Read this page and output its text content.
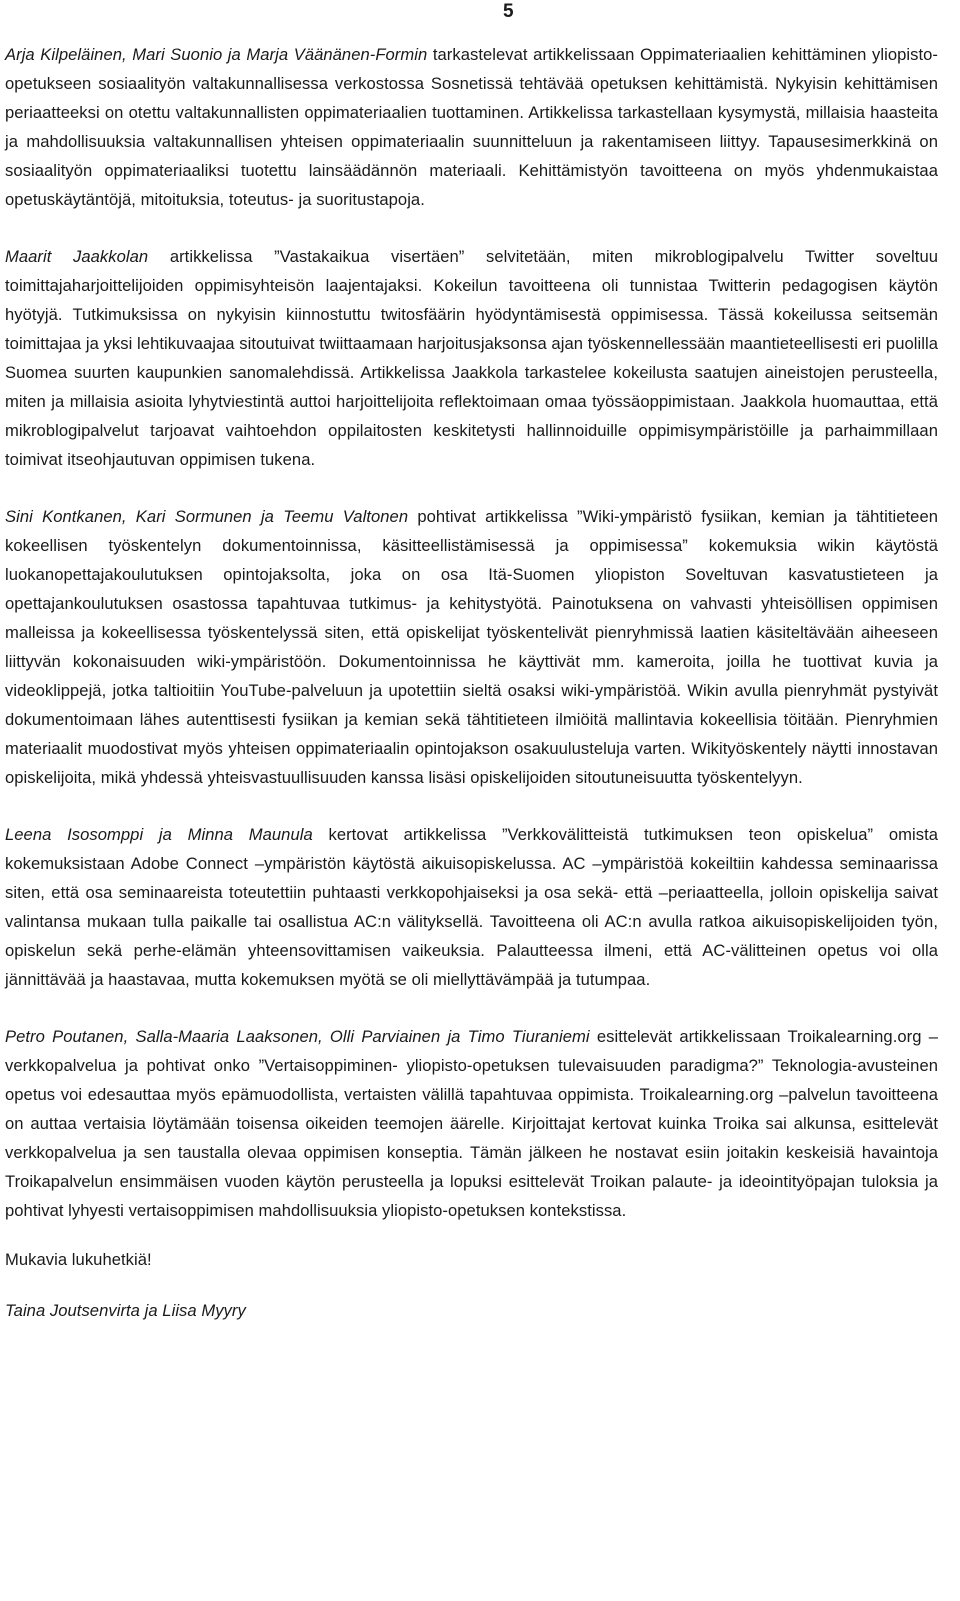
5

Arja Kilpeläinen, Mari Suonio ja Marja Väänänen-Formin tarkastelevat artikkelissaan Oppimateriaalien kehittäminen yliopisto-opetukseen sosiaalityön valtakunnallisessa verkostossa Sosnetissä tehtävää opetuksen kehittämistä. Nykyisin kehittämisen periaatteeksi on otettu valtakunnallisten oppimateriaalien tuottaminen. Artikkelissa tarkastellaan kysymystä, millaisia haasteita ja mahdollisuuksia valtakunnallisen yhteisen oppimateriaalin suunnitteluun ja rakentamiseen liittyy. Tapausesimerkkinä on sosiaalityön oppimateriaaliksi tuotettu lainsäädännön materiaali. Kehittämistyön tavoitteena on myös yhdenmukaistaa opetuskäytäntöjä, mitoituksia, toteutus- ja suoritustapoja.

Maarit Jaakkolan artikkelissa ”Vastakaikua visertäen” selvitetään, miten mikroblogipalvelu Twitter soveltuu toimittajaharjoittelijoiden oppimisyhteisön laajentajaksi. Kokeilun tavoitteena oli tunnistaa Twitterin pedagogisen käytön hyötyjä. Tutkimuksissa on nykyisin kiinnostuttu twitosfäärin hyödyntämisestä oppimisessa. Tässä kokeilussa seitsemän toimittajaa ja yksi lehtikuvaajaa sitoutuivat twiittaamaan harjoitusjaksonsa ajan työskennellessään maantieteellisesti eri puolilla Suomea suurten kaupunkien sanomalehdissä. Artikkelissa Jaakkola tarkastelee kokeilusta saatujen aineistojen perusteella, miten ja millaisia asioita lyhytviestintä auttoi harjoittelijoita reflektoimaan omaa työssäoppimistaan. Jaakkola huomauttaa, että mikroblogipalvelut tarjoavat vaihtoehdon oppilaitosten keskitetysti hallinnoiduille oppimisympäristöille ja parhaimmillaan toimivat itseohjautuvan oppimisen tukena.

Sini Kontkanen, Kari Sormunen ja Teemu Valtonen pohtivat artikkelissa ”Wiki-ympäristö fysiikan, kemian ja tähtitieteen kokeellisen työskentelyn dokumentoinnissa, käsitteellistämisessä ja oppimisessa” kokemuksia wikin käytöstä luokanopettajakoulutuksen opintojaksolta, joka on osa Itä-Suomen yliopiston Soveltuvan kasvatustieteen ja opettajankoulutuksen osastossa tapahtuvaa tutkimus- ja kehitystyötä. Painotuksena on vahvasti yhteisöllisen oppimisen malleissa ja kokeellisessa työskentelyssä siten, että opiskelijat työskentelivät pienryhmissä laatien käsiteltävään aiheeseen liittyvän kokonaisuuden wiki-ympäristöön. Dokumentoinnissa he käyttivät mm. kameroita, joilla he tuottivat kuvia ja videoklippejä, jotka taltioitiin YouTube-palveluun ja upotettiin sieltä osaksi wiki-ympäristöä. Wikin avulla pienryhmät pystyivät dokumentoimaan lähes autenttisesti fysiikan ja kemian sekä tähtitieteen ilmiöitä mallintavia kokeellisia töitään. Pienryhmien materiaalit muodostivat myös yhteisen oppimateriaalin opintojakson osakuulusteluja varten. Wikityöskentely näytti innostavan opiskelijoita, mikä yhdessä yhteisvastuullisuuden kanssa lisäsi opiskelijoiden sitoutuneisuutta työskentelyyn.

Leena Isosomppi ja Minna Maunula kertovat artikkelissa ”Verkkovälitteistä tutkimuksen teon opiskelua” omista kokemuksistaan Adobe Connect –ympäristön käytöstä aikuisopiskelussa. AC –ympäristöä kokeiltiin kahdessa seminaarissa siten, että osa seminaareista toteutettiin puhtaasti verkkopohjaiseksi ja osa sekä- että –periaatteella, jolloin opiskelija saivat valintansa mukaan tulla paikalle tai osallistua AC:n välityksellä. Tavoitteena oli AC:n avulla ratkoa aikuisopiskelijoiden työn, opiskelun sekä perhe-elämän yhteensovittamisen vaikeuksia. Palautteessa ilmeni, että AC-välitteinen opetus voi olla jännittävää ja haastavaa, mutta kokemuksen myötä se oli miellyttävämpää ja tutumpaa.

Petro Poutanen, Salla-Maaria Laaksonen, Olli Parviainen ja Timo Tiuraniemi esittelevät artikkelissaan Troikalearning.org –verkkopalvelua ja pohtivat onko ”Vertaisoppiminen- yliopisto-opetuksen tulevaisuuden paradigma?” Teknologia-avusteinen opetus voi edesauttaa myös epämuodollista, vertaisten välillä tapahtuvaa oppimista. Troikalearning.org –palvelun tavoitteena on auttaa vertaisia löytämään toisensa oikeiden teemojen äärelle. Kirjoittajat kertovat kuinka Troika sai alkunsa, esittelevät verkkopalvelua ja sen taustalla olevaa oppimisen konseptia. Tämän jälkeen he nostavat esiin joitakin keskeisiä havaintoja Troikapalvelun ensimmäisen vuoden käytön perusteella ja lopuksi esittelevät Troikan palaute- ja ideointityöpajan tuloksia ja pohtivat lyhyesti vertaisoppimisen mahdollisuuksia yliopisto-opetuksen kontekstissa.

Mukavia lukuhetkiä!

Taina Joutsenvirta ja Liisa Myyry
